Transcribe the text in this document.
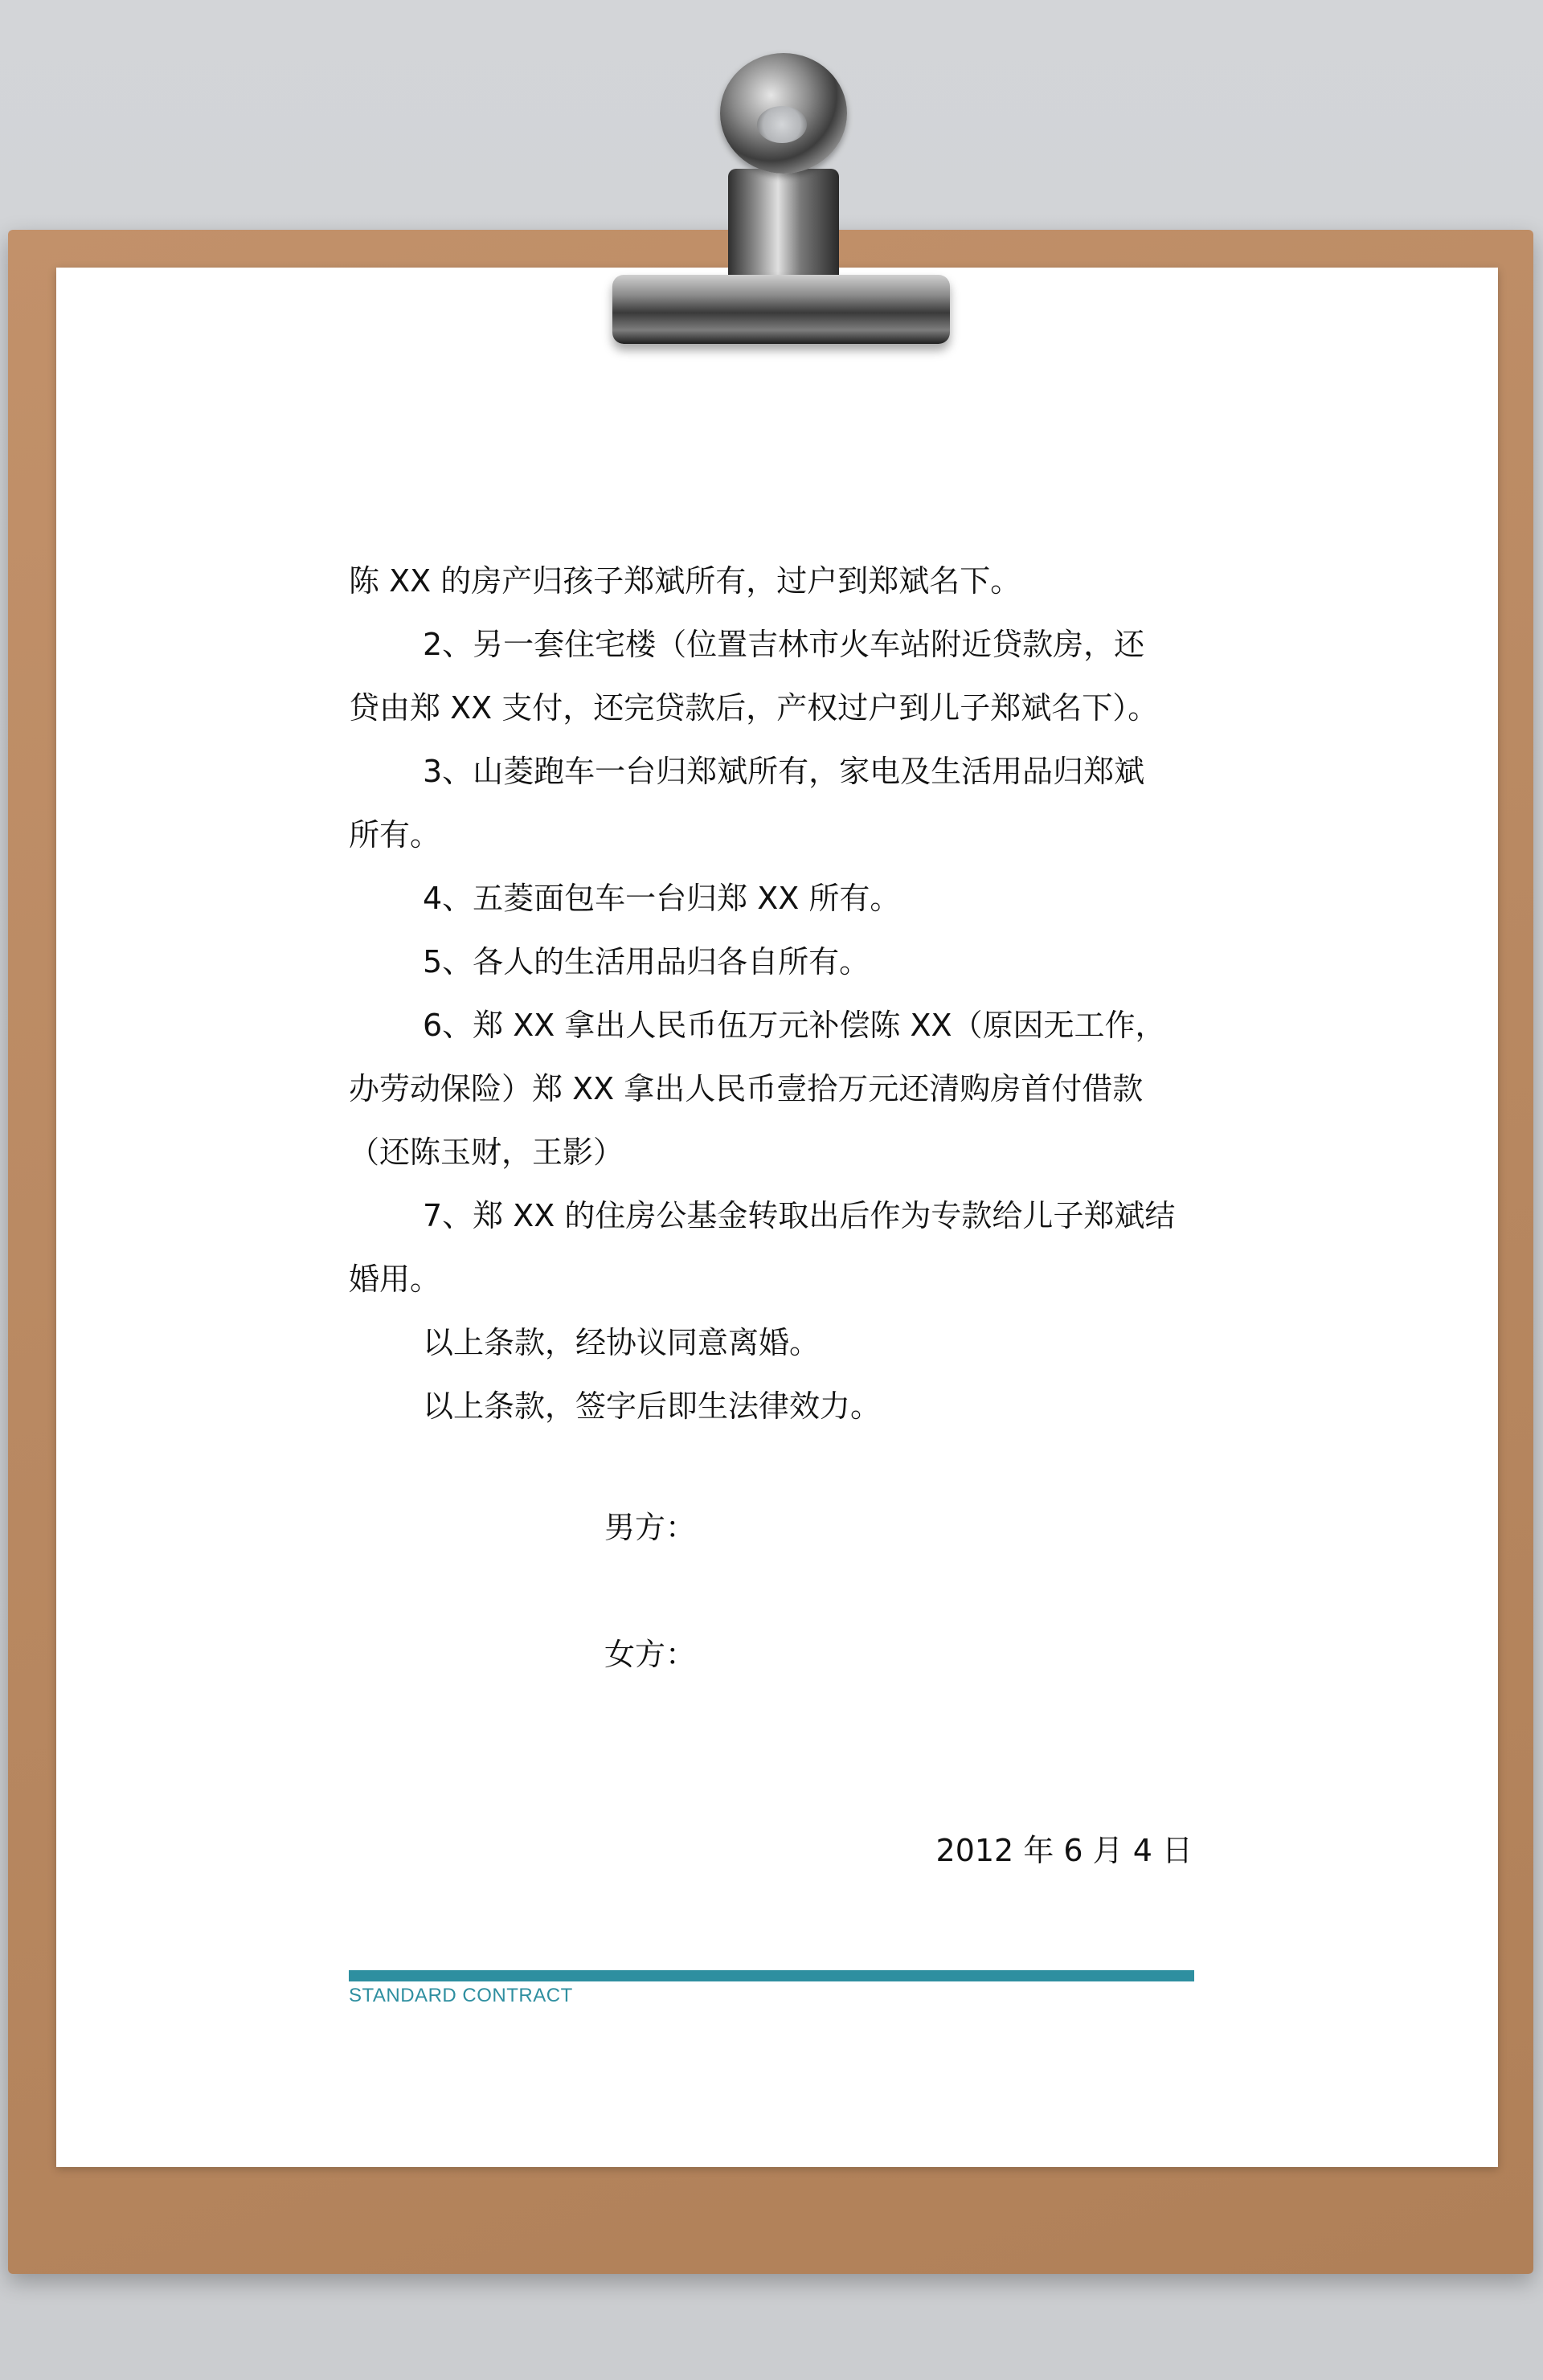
陈 XX 的房产归孩子郑斌所有，过户到郑斌名下。

2、另一套住宅楼（位置吉林市火车站附近贷款房，还

贷由郑 XX 支付，还完贷款后，产权过户到儿子郑斌名下）。

3、山菱跑车一台归郑斌所有，家电及生活用品归郑斌

所有。

4、五菱面包车一台归郑 XX 所有。

5、各人的生活用品归各自所有。

6、郑 XX 拿出人民币伍万元补偿陈 XX（原因无工作，

办劳动保险）郑 XX 拿出人民币壹拾万元还清购房首付借款

（还陈玉财，王影）

7、郑 XX 的住房公基金转取出后作为专款给儿子郑斌结

婚用。

以上条款，经协议同意离婚。

以上条款，签字后即生法律效力。

男方：
女方：
2012 年 6 月 4 日
STANDARD CONTRACT
